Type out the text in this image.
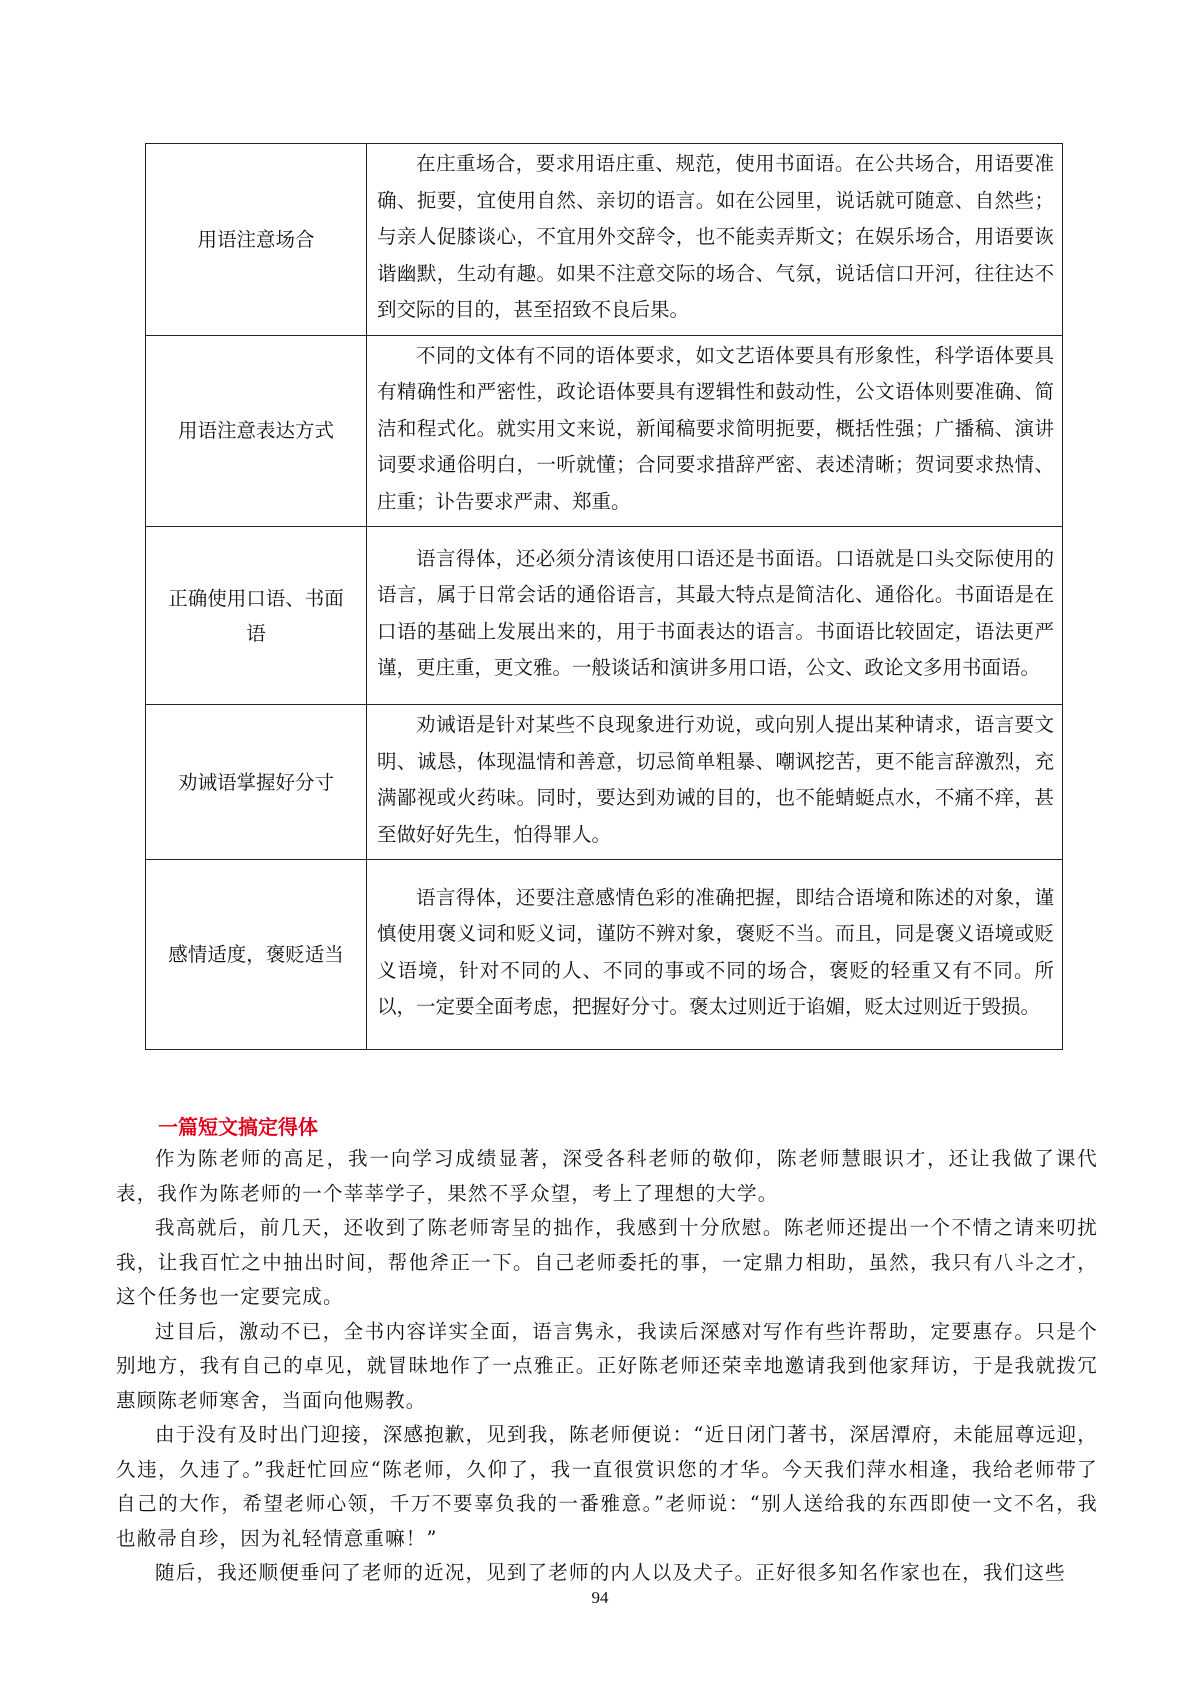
用语注意场合	在庄重场合，要求用语庄重、规范，使用书面语。在公共场合，用语要准确、扼要，宜使用自然、亲切的语言。如在公园里，说话就可随意、自然些；与亲人促膝谈心，不宜用外交辞令，也不能卖弄斯文；在娱乐场合，用语要诙谐幽默，生动有趣。如果不注意交际的场合、气氛，说话信口开河，往往达不到交际的目的，甚至招致不良后果。
用语注意表达方式	不同的文体有不同的语体要求，如文艺语体要具有形象性，科学语体要具有精确性和严密性，政论语体要具有逻辑性和鼓动性，公文语体则要准确、简洁和程式化。就实用文来说，新闻稿要求简明扼要，概括性强；广播稿、演讲词要求通俗明白，一听就懂；合同要求措辞严密、表述清晰；贺词要求热情、庄重；讣告要求严肃、郑重。
正确使用口语、书面语	语言得体，还必须分清该使用口语还是书面语。口语就是口头交际使用的语言，属于日常会话的通俗语言，其最大特点是简洁化、通俗化。书面语是在口语的基础上发展出来的，用于书面表达的语言。书面语比较固定，语法更严谨，更庄重，更文雅。一般谈话和演讲多用口语，公文、政论文多用书面语。
劝诫语掌握好分寸	劝诫语是针对某些不良现象进行劝说，或向别人提出某种请求，语言要文明、诚恳，体现温情和善意，切忌简单粗暴、嘲讽挖苦，更不能言辞激烈，充满鄙视或火药味。同时，要达到劝诫的目的，也不能蜻蜓点水，不痛不痒，甚至做好好先生，怕得罪人。
感情适度，褒贬适当	语言得体，还要注意感情色彩的准确把握，即结合语境和陈述的对象，谨慎使用褒义词和贬义词，谨防不辨对象，褒贬不当。而且，同是褒义语境或贬义语境，针对不同的人、不同的事或不同的场合，褒贬的轻重又有不同。所以，一定要全面考虑，把握好分寸。褒太过则近于谄媚，贬太过则近于毁损。
一篇短文搞定得体

作为陈老师的高足，我一向学习成绩显著，深受各科老师的敬仰，陈老师慧眼识才，还让我做了课代表，我作为陈老师的一个莘莘学子，果然不孚众望，考上了理想的大学。

我高就后，前几天，还收到了陈老师寄呈的拙作，我感到十分欣慰。陈老师还提出一个不情之请来叨扰我，让我百忙之中抽出时间，帮他斧正一下。自己老师委托的事，一定鼎力相助，虽然，我只有八斗之才，这个任务也一定要完成。

过目后，激动不已，全书内容详实全面，语言隽永，我读后深感对写作有些许帮助，定要惠存。只是个别地方，我有自己的卓见，就冒昧地作了一点雅正。正好陈老师还荣幸地邀请我到他家拜访，于是我就拨冗惠顾陈老师寒舍，当面向他赐教。

由于没有及时出门迎接，深感抱歉，见到我，陈老师便说：“近日闭门著书，深居潭府，未能屈尊远迎，久违，久违了。”我赶忙回应“陈老师，久仰了，我一直很赏识您的才华。今天我们萍水相逢，我给老师带了自己的大作，希望老师心领，千万不要辜负我的一番雅意。”老师说：“别人送给我的东西即使一文不名，我也敝帚自珍，因为礼轻情意重嘛！”

随后，我还顺便垂问了老师的近况，见到了老师的内人以及犬子。正好很多知名作家也在，我们这些

94
